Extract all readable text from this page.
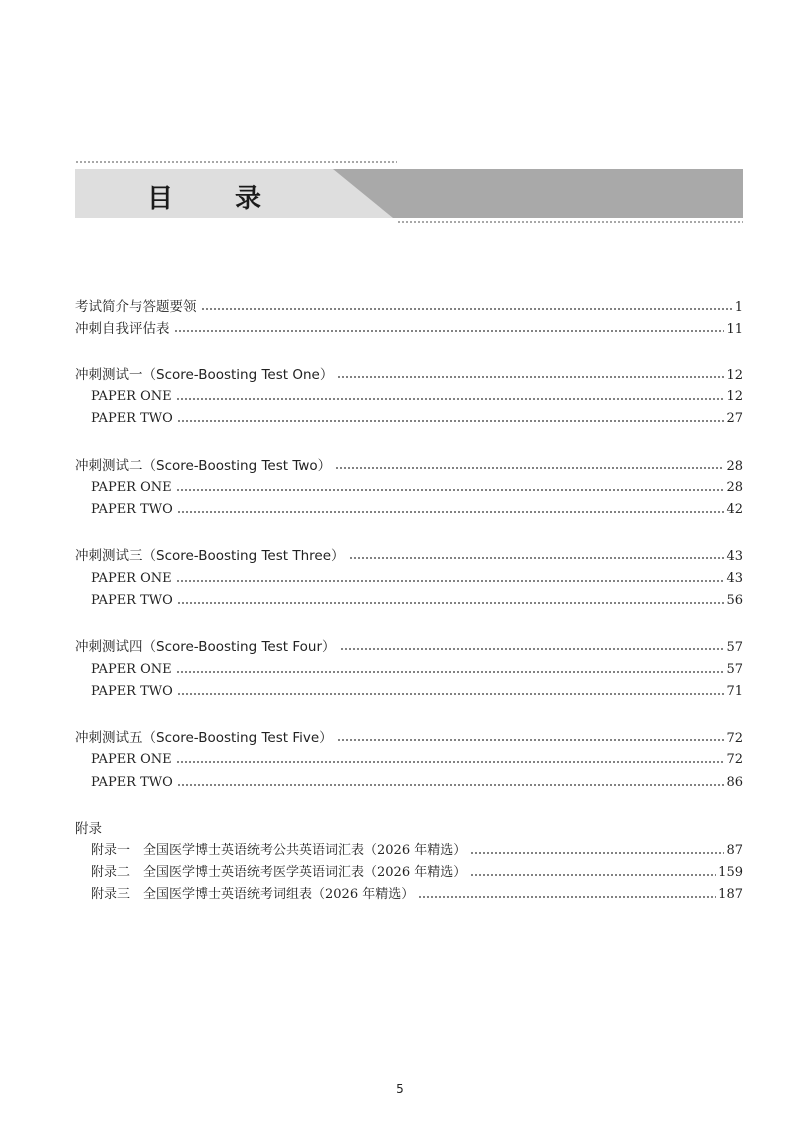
目 录
考试简介与答题要领	1
冲刺自我评估表	11
冲刺测试一（Score-Boosting Test One）	12
PAPER ONE	12
PAPER TWO	27
冲刺测试二（Score-Boosting Test Two）	28
PAPER ONE	28
PAPER TWO	42
冲刺测试三（Score-Boosting Test Three）	43
PAPER ONE	43
PAPER TWO	56
冲刺测试四（Score-Boosting Test Four）	57
PAPER ONE	57
PAPER TWO	71
冲刺测试五（Score-Boosting Test Five）	72
PAPER ONE	72
PAPER TWO	86
附录
附录一　全国医学博士英语统考公共英语词汇表（2026 年精选）	87
附录二　全国医学博士英语统考医学英语词汇表（2026 年精选）	159
附录三　全国医学博士英语统考词组表（2026 年精选）	187
5
